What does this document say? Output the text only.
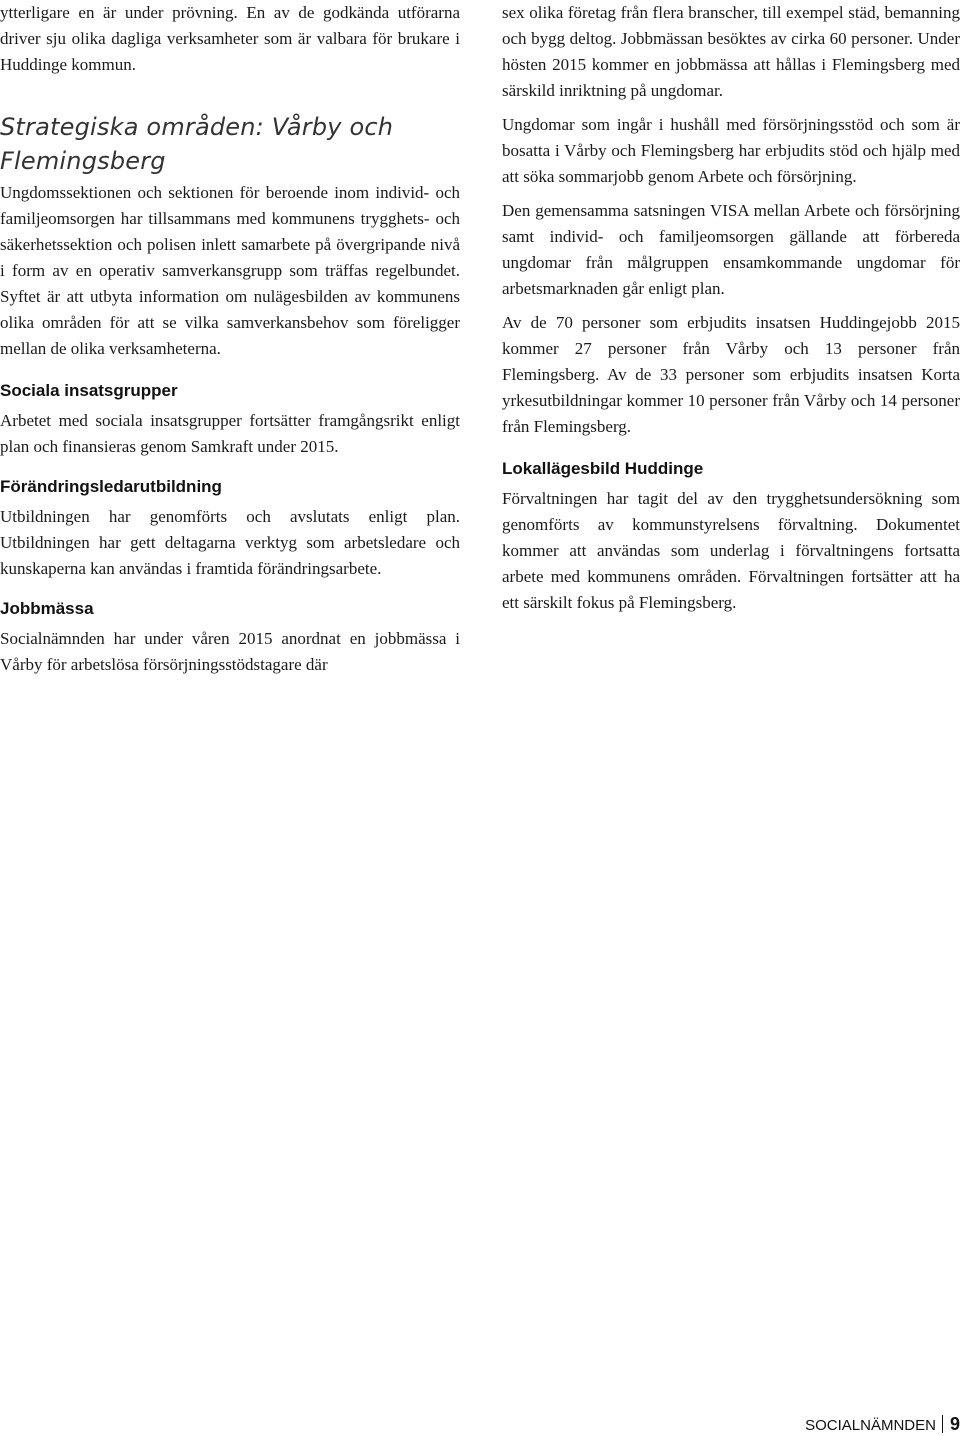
ytterligare en är under prövning. En av de godkända utförarna driver sju olika dagliga verksamheter som är valbara för brukare i Huddinge kommun.

Strategiska områden: Vårby och Flemingsberg

Ungdomssektionen och sektionen för beroende inom individ- och familjeomsorgen har tillsammans med kommunens trygghets- och säkerhetssektion och polisen inlett samarbete på övergripande nivå i form av en operativ samverkansgrupp som träffas regelbundet. Syftet är att utbyta information om nulägesbilden av kommunens olika områden för att se vilka samverkansbehov som föreligger mellan de olika verksamheterna.

Sociala insatsgrupper

Arbetet med sociala insatsgrupper fortsätter framgångsrikt enligt plan och finansieras genom Samkraft under 2015.

Förändringsledarutbildning

Utbildningen har genomförts och avslutats enligt plan. Utbildningen har gett deltagarna verktyg som arbetsledare och kunskaperna kan användas i framtida förändringsarbete.

Jobbmässa

Socialnämnden har under våren 2015 anordnat en jobbmässa i Vårby för arbetslösa försörjningsstödstagare där

sex olika företag från flera branscher, till exempel städ, bemanning och bygg deltog. Jobbmässan besöktes av cirka 60 personer. Under hösten 2015 kommer en jobbmässa att hållas i Flemingsberg med särskild inriktning på ungdomar.

Ungdomar som ingår i hushåll med försörjningsstöd och som är bosatta i Vårby och Flemingsberg har erbjudits stöd och hjälp med att söka sommarjobb genom Arbete och försörjning.

Den gemensamma satsningen VISA mellan Arbete och försörjning samt individ- och familjeomsorgen gällande att förbereda ungdomar från målgruppen ensamkommande ungdomar för arbetsmarknaden går enligt plan.

Av de 70 personer som erbjudits insatsen Huddingejobb 2015 kommer 27 personer från Vårby och 13 personer från Flemingsberg. Av de 33 personer som erbjudits insatsen Korta yrkesutbildningar kommer 10 personer från Vårby och 14 personer från Flemingsberg.

Lokallägesbild Huddinge

Förvaltningen har tagit del av den trygghetsundersökning som genomförts av kommunstyrelsens förvaltning. Dokumentet kommer att användas som underlag i förvaltningens fortsatta arbete med kommunens områden. Förvaltningen fortsätter att ha ett särskilt fokus på Flemingsberg.

SOCIALNÄMNDEN 9
